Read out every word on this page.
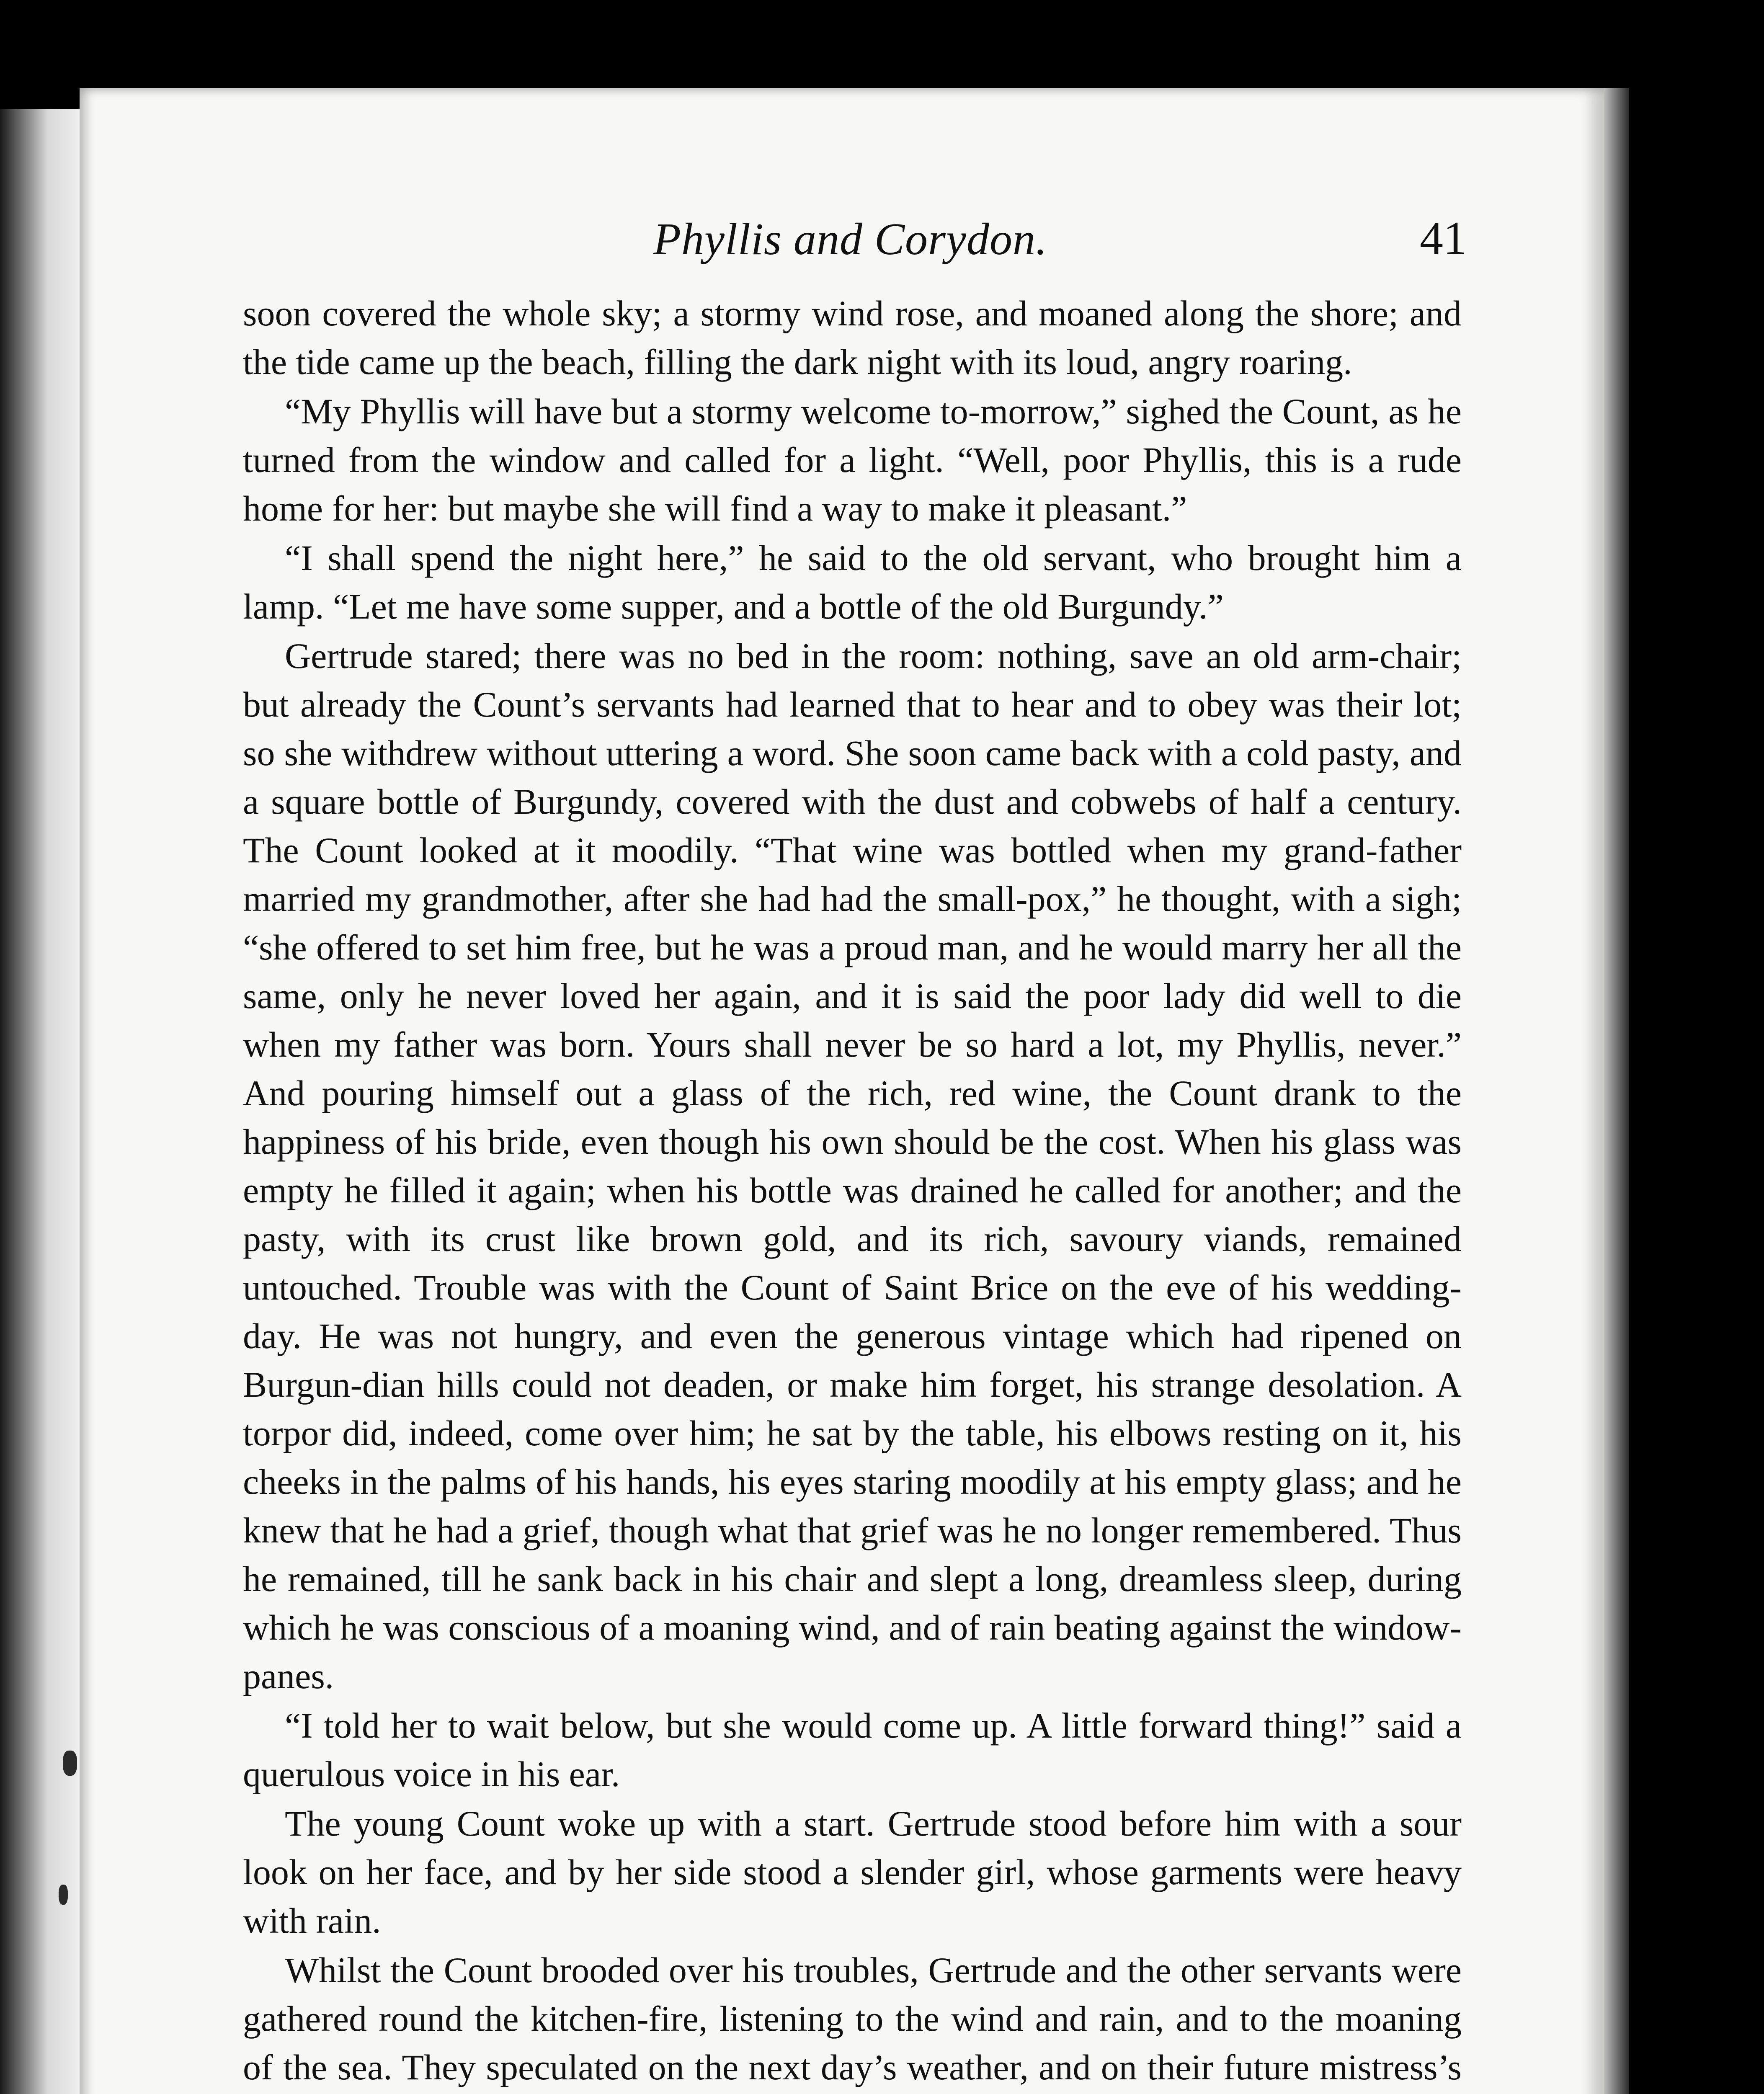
Phyllis and Corydon.	41

soon covered the whole sky; a stormy wind rose, and moaned along the shore; and the tide came up the beach, filling the dark night with its loud, angry roaring.

“My Phyllis will have but a stormy welcome to-morrow,” sighed the Count, as he turned from the window and called for a light. “Well, poor Phyllis, this is a rude home for her: but maybe she will find a way to make it pleasant.”

“I shall spend the night here,” he said to the old servant, who brought him a lamp. “Let me have some supper, and a bottle of the old Burgundy.”

Gertrude stared; there was no bed in the room: nothing, save an old arm-chair; but already the Count’s servants had learned that to hear and to obey was their lot; so she withdrew without uttering a word. She soon came back with a cold pasty, and a square bottle of Burgundy, covered with the dust and cobwebs of half a century. The Count looked at it moodily. “That wine was bottled when my grand-father married my grandmother, after she had had the small-pox,” he thought, with a sigh; “she offered to set him free, but he was a proud man, and he would marry her all the same, only he never loved her again, and it is said the poor lady did well to die when my father was born. Yours shall never be so hard a lot, my Phyllis, never.” And pouring himself out a glass of the rich, red wine, the Count drank to the happiness of his bride, even though his own should be the cost. When his glass was empty he filled it again; when his bottle was drained he called for another; and the pasty, with its crust like brown gold, and its rich, savoury viands, remained untouched. Trouble was with the Count of Saint Brice on the eve of his wedding-day. He was not hungry, and even the generous vintage which had ripened on Burgun-dian hills could not deaden, or make him forget, his strange desolation. A torpor did, indeed, come over him; he sat by the table, his elbows resting on it, his cheeks in the palms of his hands, his eyes staring moodily at his empty glass; and he knew that he had a grief, though what that grief was he no longer remembered. Thus he remained, till he sank back in his chair and slept a long, dreamless sleep, during which he was conscious of a moaning wind, and of rain beating against the window-panes.

“I told her to wait below, but she would come up. A little forward thing!” said a querulous voice in his ear.

The young Count woke up with a start. Gertrude stood before him with a sour look on her face, and by her side stood a slender girl, whose garments were heavy with rain.

Whilst the Count brooded over his troubles, Gertrude and the other servants were gathered round the kitchen-fire, listening to the wind and rain, and to the moaning of the sea. They speculated on the next day’s weather, and on their future mistress’s
